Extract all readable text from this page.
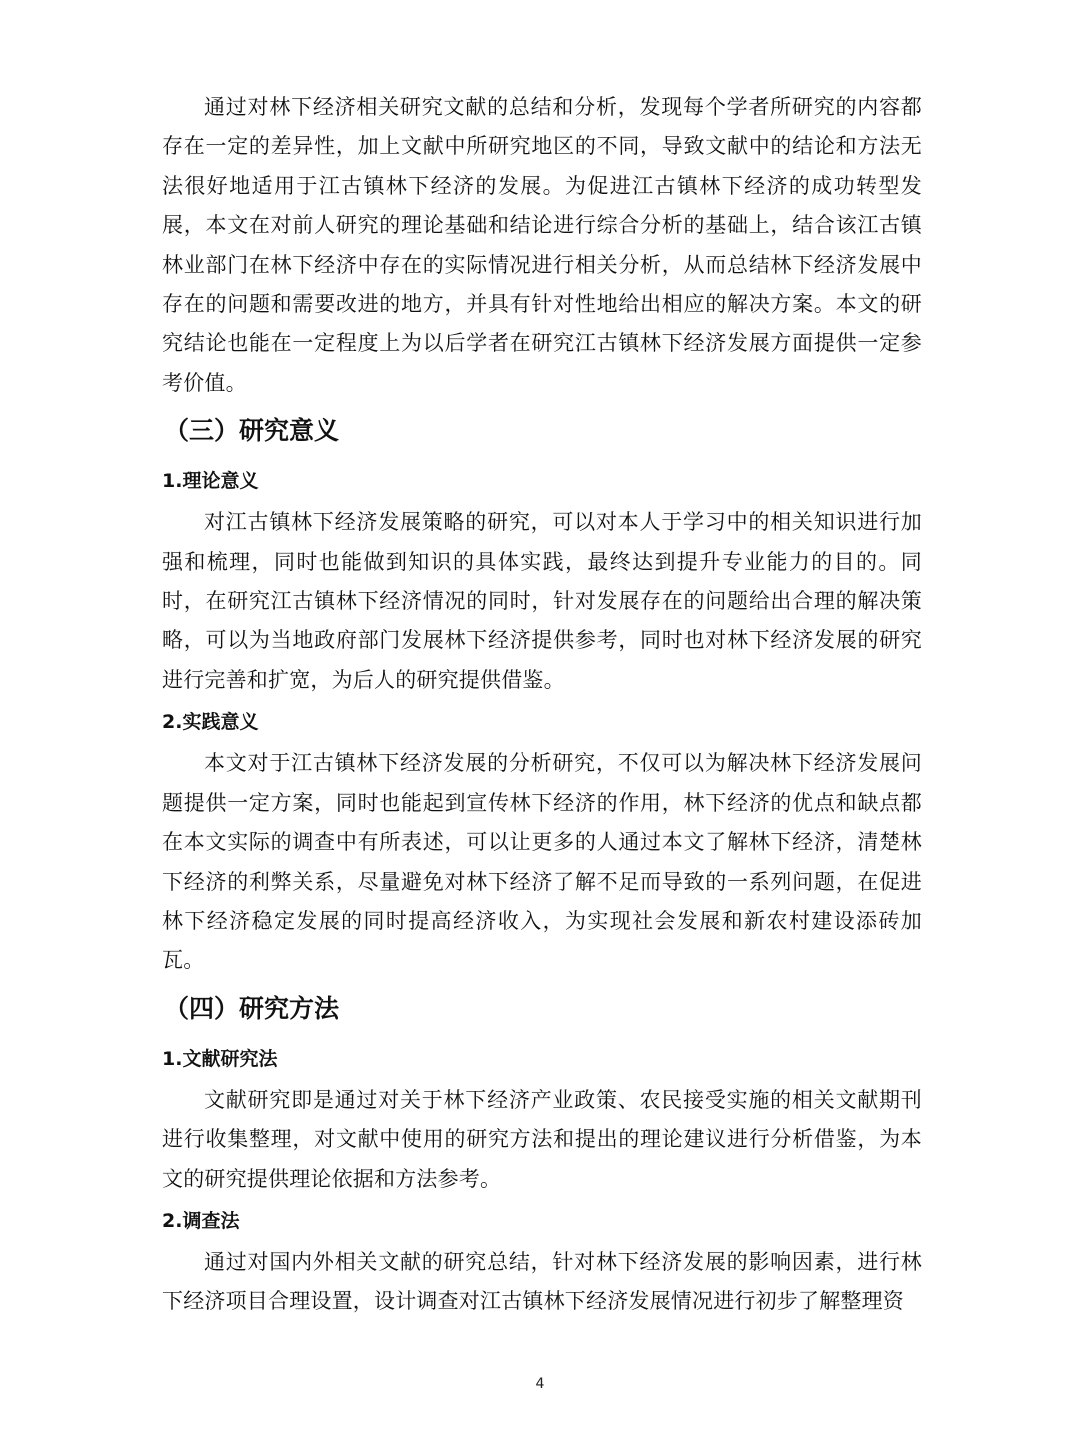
通过对林下经济相关研究文献的总结和分析，发现每个学者所研究的内容都存在一定的差异性，加上文献中所研究地区的不同，导致文献中的结论和方法无法很好地适用于江古镇林下经济的发展。为促进江古镇林下经济的成功转型发展，本文在对前人研究的理论基础和结论进行综合分析的基础上，结合该江古镇林业部门在林下经济中存在的实际情况进行相关分析，从而总结林下经济发展中存在的问题和需要改进的地方，并具有针对性地给出相应的解决方案。本文的研究结论也能在一定程度上为以后学者在研究江古镇林下经济发展方面提供一定参考价值。

（三）研究意义
1.理论意义

对江古镇林下经济发展策略的研究，可以对本人于学习中的相关知识进行加强和梳理，同时也能做到知识的具体实践，最终达到提升专业能力的目的。同时，在研究江古镇林下经济情况的同时，针对发展存在的问题给出合理的解决策略，可以为当地政府部门发展林下经济提供参考，同时也对林下经济发展的研究进行完善和扩宽，为后人的研究提供借鉴。

2.实践意义

本文对于江古镇林下经济发展的分析研究，不仅可以为解决林下经济发展问题提供一定方案，同时也能起到宣传林下经济的作用，林下经济的优点和缺点都在本文实际的调查中有所表述，可以让更多的人通过本文了解林下经济，清楚林下经济的利弊关系，尽量避免对林下经济了解不足而导致的一系列问题，在促进林下经济稳定发展的同时提高经济收入，为实现社会发展和新农村建设添砖加瓦。

（四）研究方法
1.文献研究法

文献研究即是通过对关于林下经济产业政策、农民接受实施的相关文献期刊进行收集整理，对文献中使用的研究方法和提出的理论建议进行分析借鉴，为本文的研究提供理论依据和方法参考。

2.调查法

通过对国内外相关文献的研究总结，针对林下经济发展的影响因素，进行林下经济项目合理设置，设计调查对江古镇林下经济发展情况进行初步了解整理资

4
